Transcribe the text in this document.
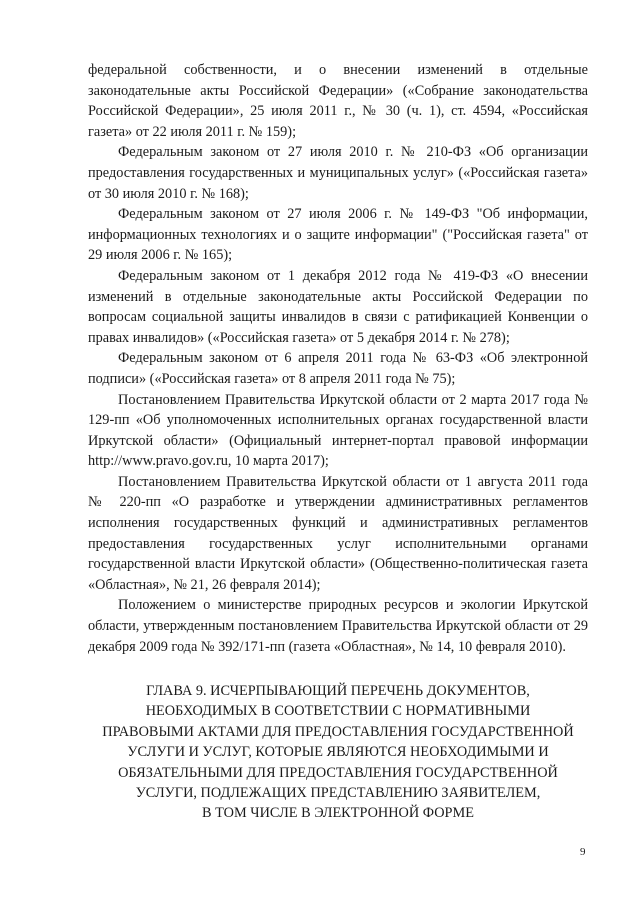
федеральной собственности, и о внесении изменений в отдельные законодательные акты Российской Федерации» («Собрание законодательства Российской Федерации», 25 июля 2011 г., № 30 (ч. 1), ст. 4594, «Российская газета» от 22 июля 2011 г. № 159);

Федеральным законом от 27 июля 2010 г. № 210-ФЗ «Об организации предоставления государственных и муниципальных услуг» («Российская газета» от 30 июля 2010 г. № 168);

Федеральным законом от 27 июля 2006 г. № 149-ФЗ "Об информации, информационных технологиях и о защите информации" ("Российская газета" от 29 июля 2006 г. № 165);

Федеральным законом от 1 декабря 2012 года № 419-ФЗ «О внесении изменений в отдельные законодательные акты Российской Федерации по вопросам социальной защиты инвалидов в связи с ратификацией Конвенции о правах инвалидов» («Российская газета» от 5 декабря 2014 г. № 278);

Федеральным законом от 6 апреля 2011 года № 63-ФЗ «Об электронной подписи» («Российская газета» от 8 апреля 2011 года № 75);

Постановлением Правительства Иркутской области от 2 марта 2017 года № 129-пп «Об уполномоченных исполнительных органах государственной власти Иркутской области» (Официальный интернет-портал правовой информации http://www.pravo.gov.ru, 10 марта 2017);

Постановлением Правительства Иркутской области от 1 августа 2011 года № 220-пп «О разработке и утверждении административных регламентов исполнения государственных функций и административных регламентов предоставления государственных услуг исполнительными органами государственной власти Иркутской области» (Общественно-политическая газета «Областная», № 21, 26 февраля 2014);

Положением о министерстве природных ресурсов и экологии Иркутской области, утвержденным постановлением Правительства Иркутской области от 29 декабря 2009 года № 392/171-пп (газета «Областная», № 14, 10 февраля 2010).

ГЛАВА 9. ИСЧЕРПЫВАЮЩИЙ ПЕРЕЧЕНЬ ДОКУМЕНТОВ,
НЕОБХОДИМЫХ В СООТВЕТСТВИИ С НОРМАТИВНЫМИ
ПРАВОВЫМИ АКТАМИ ДЛЯ ПРЕДОСТАВЛЕНИЯ ГОСУДАРСТВЕННОЙ
УСЛУГИ И УСЛУГ, КОТОРЫЕ ЯВЛЯЮТСЯ НЕОБХОДИМЫМИ И
ОБЯЗАТЕЛЬНЫМИ ДЛЯ ПРЕДОСТАВЛЕНИЯ ГОСУДАРСТВЕННОЙ
УСЛУГИ, ПОДЛЕЖАЩИХ ПРЕДСТАВЛЕНИЮ ЗАЯВИТЕЛЕМ,
В ТОМ ЧИСЛЕ В ЭЛЕКТРОННОЙ ФОРМЕ
9
